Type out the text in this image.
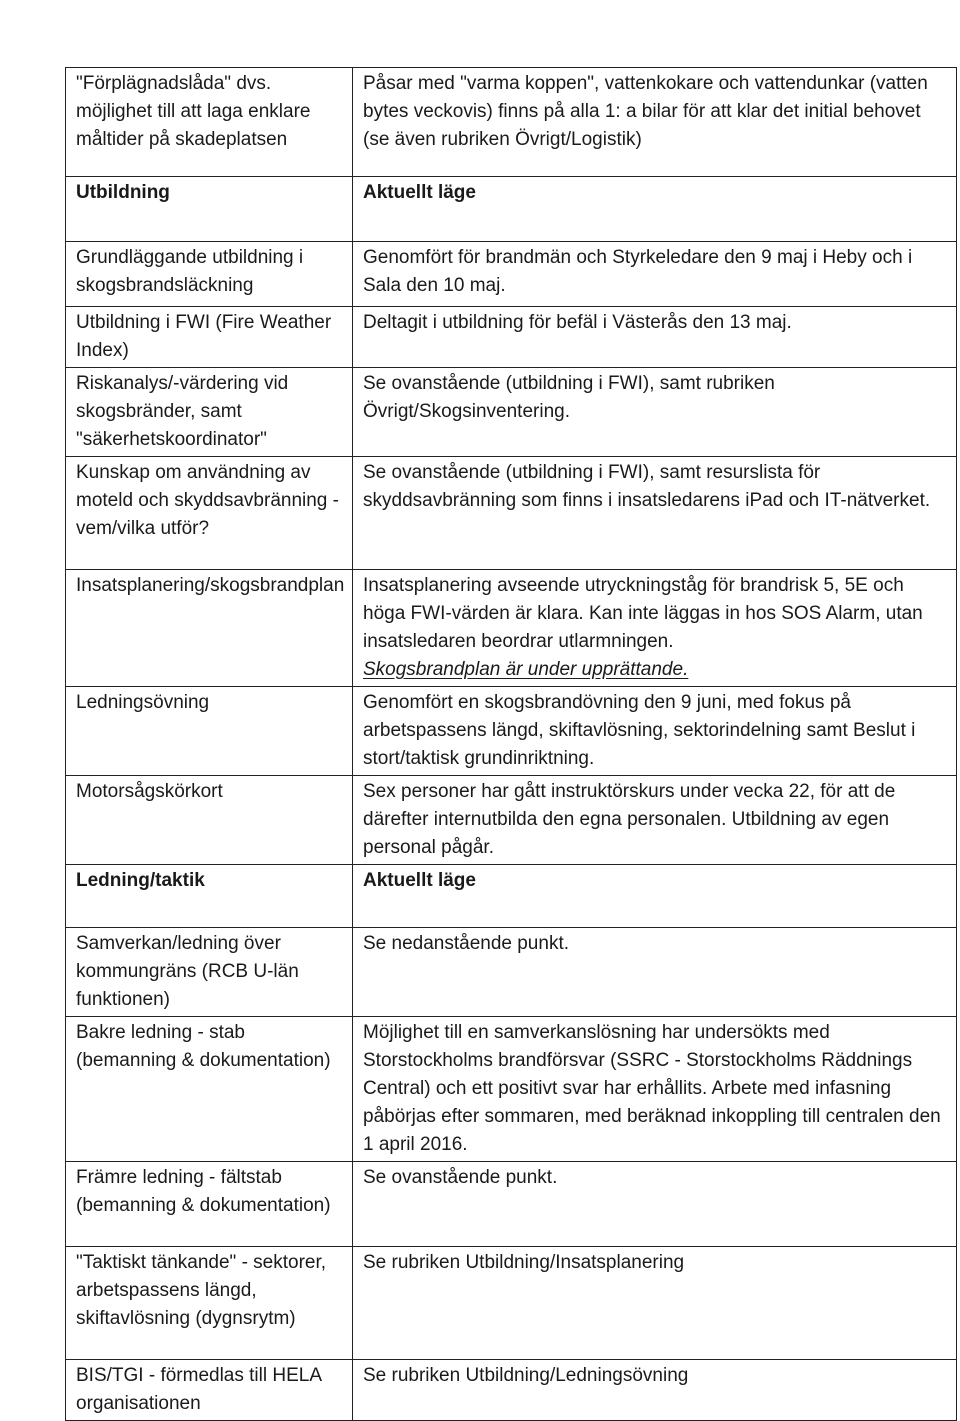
"Förplägnadslåda" dvs. möjlighet till att laga enklare måltider på skadeplatsen	Påsar med "varma koppen", vattenkokare och vattendunkar (vatten bytes veckovis) finns på alla 1: a bilar för att klar det initial behovet (se även rubriken Övrigt/Logistik)
Utbildning	Aktuellt läge
Grundläggande utbildning i skogsbrandsläckning	Genomfört för brandmän och Styrkeledare den 9 maj i Heby och i Sala den 10 maj.
Utbildning i FWI (Fire Weather Index)	Deltagit i utbildning för befäl i Västerås den 13 maj.
Riskanalys/-värdering vid skogsbränder, samt "säkerhetskoordinator"	Se ovanstående (utbildning i FWI), samt rubriken Övrigt/Skogsinventering.
Kunskap om användning av moteld och skyddsavbränning - vem/vilka utför?	Se ovanstående (utbildning i FWI), samt resurslista för skyddsavbränning som finns i insatsledarens iPad och IT-nätverket.
Insatsplanering/skogsbrandplan	Insatsplanering avseende utryckningståg för brandrisk 5, 5E och höga FWI-värden är klara. Kan inte läggas in hos SOS Alarm, utan insatsledaren beordrar utlarmningen.
Skogsbrandplan är under upprättande.

Ledningsövning	Genomfört en skogsbrandövning den 9 juni, med fokus på arbetspassens längd, skiftavlösning, sektorindelning samt Beslut i stort/taktisk grundinriktning.
Motorsågskörkort	Sex personer har gått instruktörskurs under vecka 22, för att de därefter internutbilda den egna personalen. Utbildning av egen personal pågår.
Ledning/taktik	Aktuellt läge
Samverkan/ledning över kommungräns (RCB U-län funktionen)	Se nedanstående punkt.
Bakre ledning - stab (bemanning & dokumentation)	Möjlighet till en samverkanslösning har undersökts med Storstockholms brandförsvar (SSRC - Storstockholms Räddnings Central) och ett positivt svar har erhållits. Arbete med infasning påbörjas efter sommaren, med beräknad inkoppling till centralen den 1 april 2016.
Främre ledning - fältstab (bemanning & dokumentation)	Se ovanstående punkt.
"Taktiskt tänkande" - sektorer, arbetspassens längd, skiftavlösning (dygnsrytm)	Se rubriken Utbildning/Insatsplanering
BIS/TGI - förmedlas till HELA organisationen	Se rubriken Utbildning/Ledningsövning
